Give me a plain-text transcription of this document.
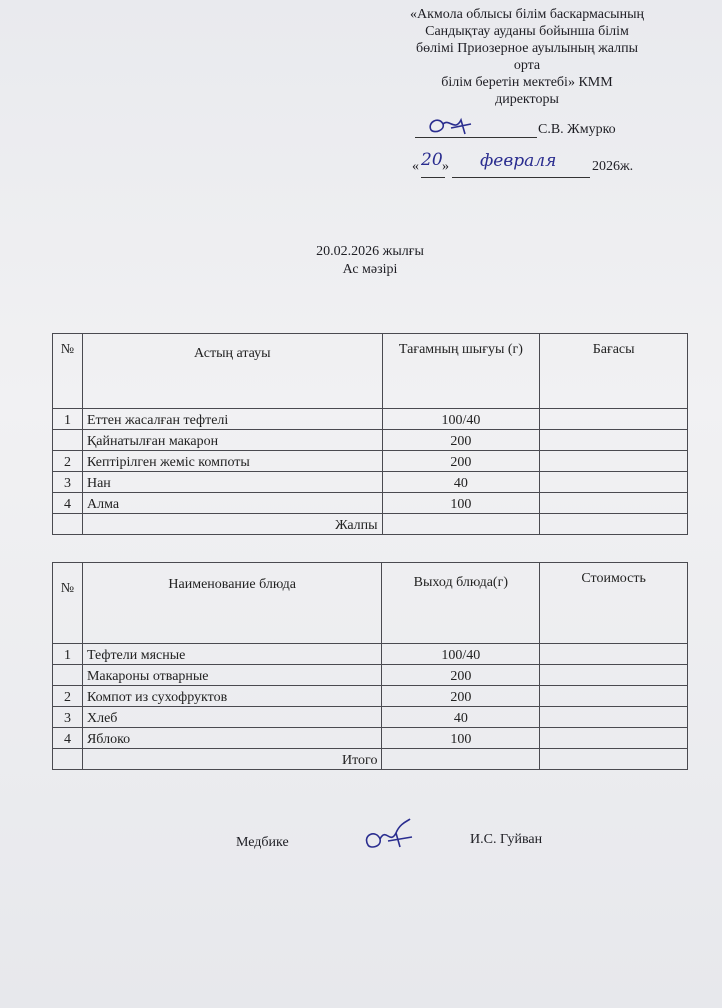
«Акмола облысы білім баскармасының
Сандықтау ауданы бойынша білім
бөлімі Приозерное ауылының жалпы
орта
білім беретін мектебі» КММ
директоры
С.В. Жмурко
« 20 » февраля	2026ж.
20.02.2026 жылғы
Ас мәзірі
№	Астың атауы	Тағамның шығуы (г)	Бағасы
1	Еттен жасалған тефтелі	100/40	
	Қайнатылған макарон	200	
2	Кептірілген жеміс компоты	200	
3	Нан	40	
4	Алма	100	
	Жалпы		
№	Наименование блюда	Выход блюда(г)	Стоимость
1	Тефтели мясные	100/40	
	Макароны отварные	200	
2	Компот из сухофруктов	200	
3	Хлеб	40	
4	Яблоко	100	
	Итого		
Медбике	И.С. Гуйван
